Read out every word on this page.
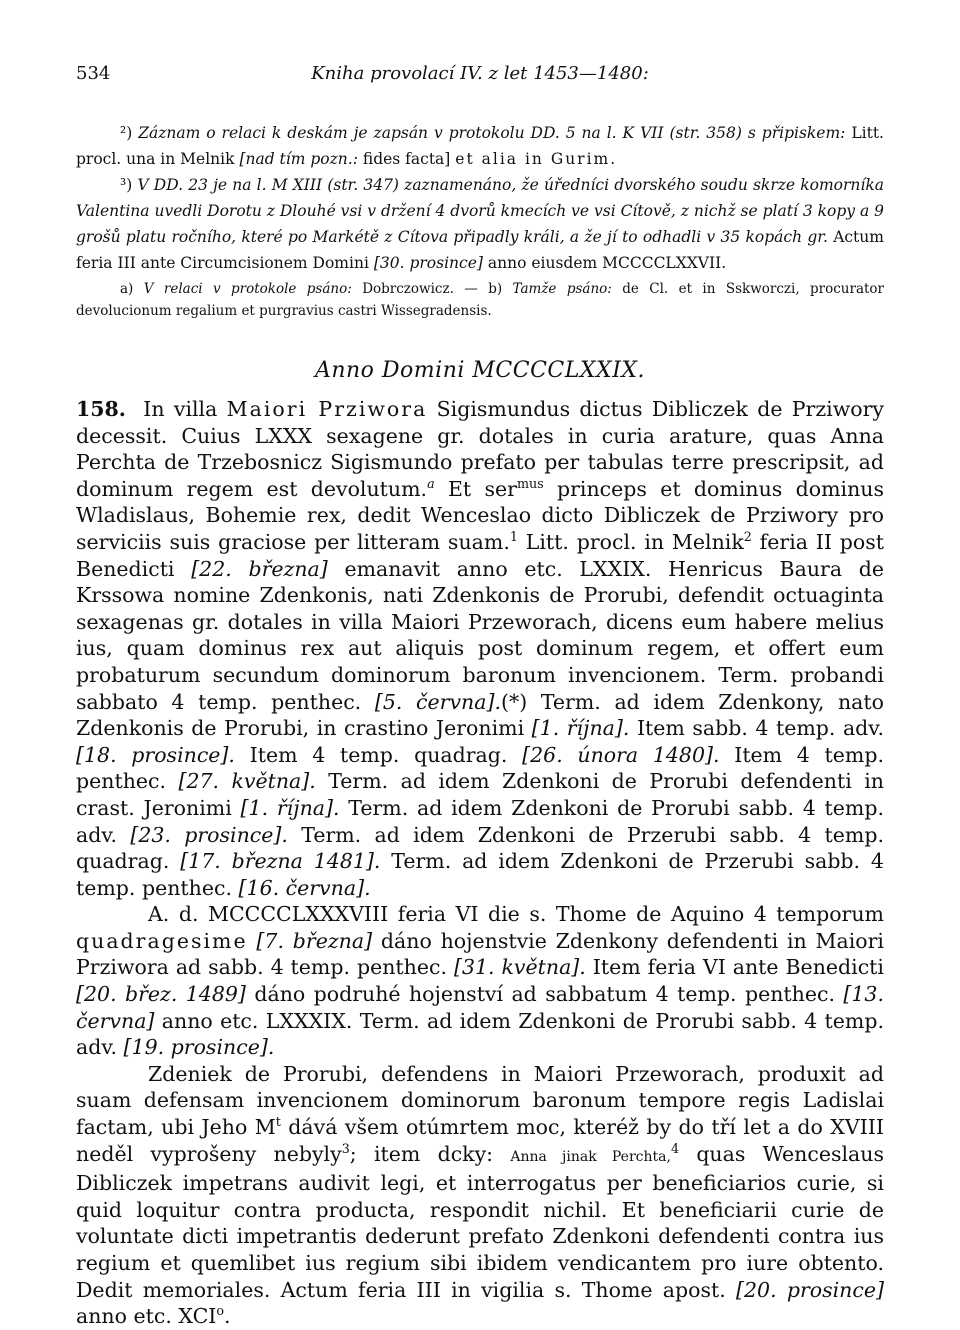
534	Kniha provolací IV. z let 1453—1480:

²) Záznam o relaci k deskám je zapsán v protokolu DD. 5 na l. K VII (str. 358) s připiskem: Litt. procl. una in Melnik [nad tím pozn.: fides facta] et alia in Gurim.

³) V DD. 23 je na l. M XIII (str. 347) zaznamenáno, že úředníci dvorského soudu skrze komorníka Valentina uvedli Dorotu z Dlouhé vsi v držení 4 dvorů kmecích ve vsi Cítově, z nichž se platí 3 kopy a 9 grošů platu ročního, které po Markétě z Cítova připadly králi, a že jí to odhadli v 35 kopách gr. Actum feria III ante Circumcisionem Domini [30. prosince] anno eiusdem MCCCCLXXVII.

a) V relaci v protokole psáno: Dobrczowicz. — b) Tamže psáno: de Cl. et in Sskworczi, procurator devolucionum regalium et purgravius castri Wissegradensis.

Anno Domini MCCCCLXXIX.

158. In villa Maiori Prziwora Sigismundus dictus Dibliczek de Prziwory decessit. Cuius LXXX sexagene gr. dotales in curia arature, quas Anna Perchta de Trzebosnicz Sigismundo prefato per tabulas terre prescripsit, ad dominum regem est devolutum.$^a$ Et ser$^{mus}$ princeps et dominus dominus Wladislaus, Bohemie rex, dedit Wenceslao dicto Dibliczek de Prziwory pro serviciis suis graciose per litteram suam.$^1$ Litt. procl. in Melnik$^2$ feria II post Benedicti [22. března] emanavit anno etc. LXXIX. Henricus Baura de Krssowa nomine Zdenkonis, nati Zdenkonis de Prorubi, defendit octuaginta sexagenas gr. dotales in villa Maiori Przeworach, dicens eum habere melius ius, quam dominus rex aut aliquis post dominum regem, et offert eum probaturum secundum dominorum baronum invencionem. Term. probandi sabbato 4 temp. penthec. [5. června].(*) Term. ad idem Zdenkony, nato Zdenkonis de Prorubi, in crastino Jeronimi [1. října]. Item sabb. 4 temp. adv. [18. prosince]. Item 4 temp. quadrag. [26. února 1480]. Item 4 temp. penthec. [27. května]. Term. ad idem Zdenkoni de Prorubi defendenti in crast. Jeronimi [1. října]. Term. ad idem Zdenkoni de Prorubi sabb. 4 temp. adv. [23. prosince]. Term. ad idem Zdenkoni de Przerubi sabb. 4 temp. quadrag. [17. března 1481]. Term. ad idem Zdenkoni de Przerubi sabb. 4 temp. penthec. [16. června].

A. d. MCCCCLXXXVIII feria VI die s. Thome de Aquino 4 temporum quadragesime [7. března] dáno hojenstvie Zdenkony defendenti in Maiori Prziwora ad sabb. 4 temp. penthec. [31. května]. Item feria VI ante Benedicti [20. břez. 1489] dáno podruhé hojenství ad sabbatum 4 temp. penthec. [13. června] anno etc. LXXXIX. Term. ad idem Zdenkoni de Prorubi sabb. 4 temp. adv. [19. prosince].

Zdeniek de Prorubi, defendens in Maiori Przeworach, produxit ad suam defensam invencionem dominorum baronum tempore regis Ladislai factam, ubi Jeho $M^t$ dává všem otúmrtem moc, kteréž by do tří let a do XVIII neděl vyprošeny nebyly$^3$; item dcky: Anna jinak Perchta,$^4$ quas Wenceslaus Dibliczek impetrans audivit legi, et interrogatus per beneficiarios curie, si quid loquitur contra producta, respondit nichil. Et beneficiarii curie de voluntate dicti impetrantis dederunt prefato Zdenkoni defendenti contra ius regium et quemlibet ius regium sibi ibidem vendicantem pro iure obtento. Dedit memoriales. Actum feria III in vigilia s. Thome apost. [20. prosince] anno etc. XCI$^o$.
